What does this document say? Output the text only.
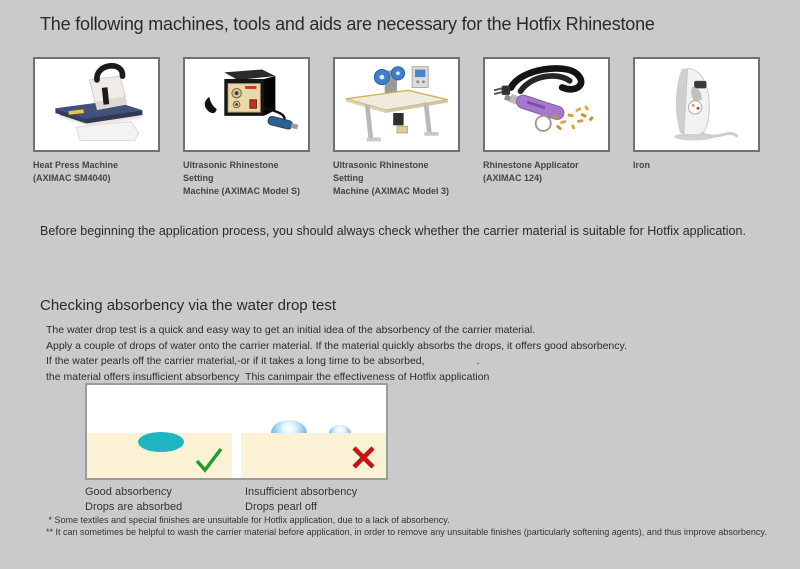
The following machines, tools and aids are necessary for the Hotfix Rhinestone
Heat Press Machine
(AXIMAC SM4040)
Ultrasonic Rhinestone Setting
Machine (AXIMAC Model S)
Ultrasonic Rhinestone Setting
Machine (AXIMAC Model 3)
Rhinestone Applicator
(AXIMAC 124)
Iron
Before beginning the application process, you should always check whether the carrier material is suitable for Hotfix application.
Checking absorbency via the water drop test
The water drop test is a quick and easy way to get an initial idea of the absorbency of the carrier material.
Apply a couple of drops of water onto the carrier material. If the material quickly absorbs the drops, it offers good absorbency.
If the water pearls off the carrier material,-or if it takes a long time to be absorbed,	.
the material offers insufficient absorbency  This canimpair the effectiveness of Hotfix application
Good absorbency
Drops are absorbed
Insufficient absorbency
Drops pearl off
* Some textiles and special finishes are unsuitable for Hotfix application, due to a lack of absorbency.
** It can sometimes be helpful to wash the carrier material before application, in order to remove any unsuitable finishes (particularly softening agents), and thus improve absorbency.
